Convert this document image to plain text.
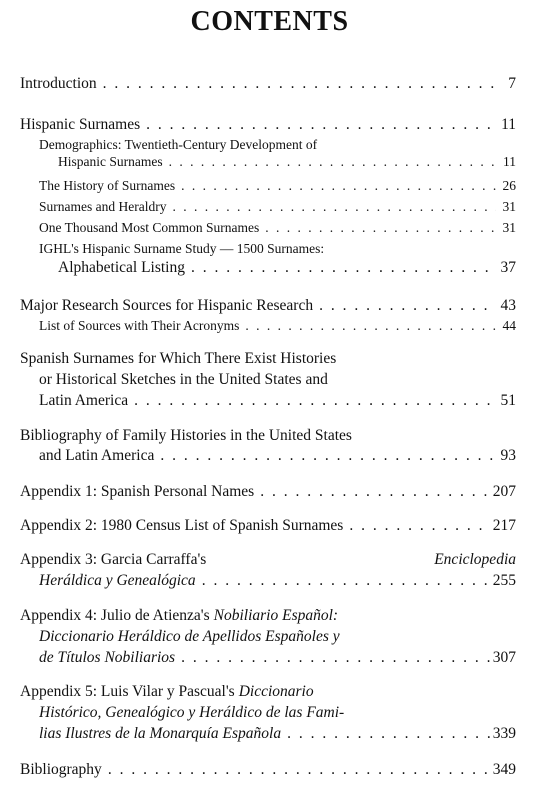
CONTENTS
Introduction . . .	7
Hispanic Surnames . . .	11
Demographics: Twentieth-Century Development of
Hispanic Surnames . . .	11
The History of Surnames . . .	26
Surnames and Heraldry . . .	31
One Thousand Most Common Surnames . . .	31
IGHL's Hispanic Surname Study — 1500 Surnames:
Alphabetical Listing . . .	37
Major Research Sources for Hispanic Research . . .	43
List of Sources with Their Acronyms . . .	44
Spanish Surnames for Which There Exist Histories
or Historical Sketches in the United States and
Latin America . . .	51
Bibliography of Family Histories in the United States
and Latin America . . .	93
Appendix 1: Spanish Personal Names . . .	207
Appendix 2: 1980 Census List of Spanish Surnames . . .	217
Appendix 3: Garcia Carraffa's	Enciclopedia
Heráldica y Genealógica . . .	255
Appendix 4: Julio de Atienza's Nobiliario Español:
Diccionario Heráldico de Apellidos Españoles y
de Títulos Nobiliarios . . .	307
Appendix 5: Luis Vilar y Pascual's Diccionario
Histórico, Genealógico y Heráldico de las Fami-
lias Ilustres de la Monarquía Española . . .	339
Bibliography . . .	349
